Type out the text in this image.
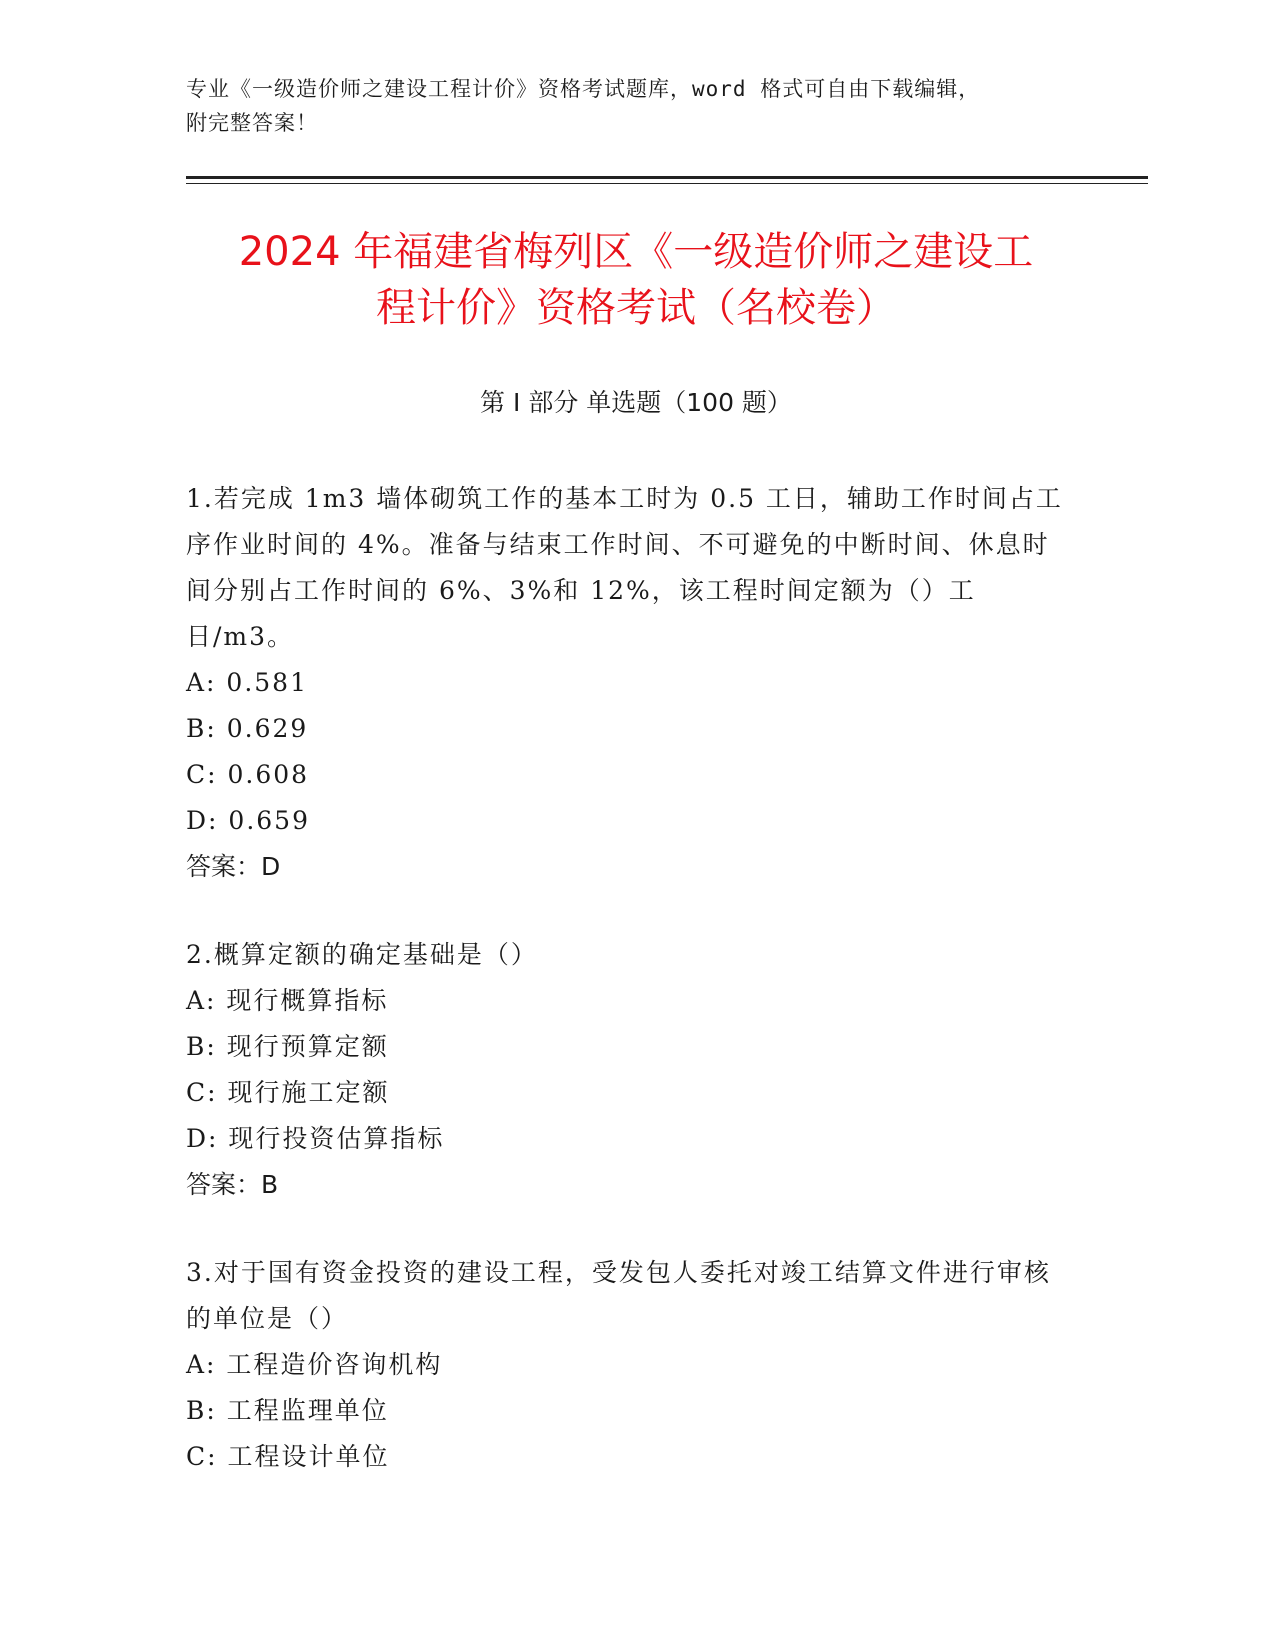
专业《一级造价师之建设工程计价》资格考试题库，word 格式可自由下载编辑，
附完整答案！
2024 年福建省梅列区《一级造价师之建设工
程计价》资格考试（名校卷）
第 I 部分 单选题（100 题）
1.若完成 1m3 墙体砌筑工作的基本工时为 0.5 工日，辅助工作时间占工序作业时间的 4%。准备与结束工作时间、不可避免的中断时间、休息时间分别占工作时间的 6%、3%和 12%，该工程时间定额为（）工日/m3。
A: 0.581
B: 0.629
C: 0.608
D: 0.659
答案：D
2.概算定额的确定基础是（）
A: 现行概算指标
B: 现行预算定额
C: 现行施工定额
D: 现行投资估算指标
答案：B
3.对于国有资金投资的建设工程，受发包人委托对竣工结算文件进行审核的单位是（）
A: 工程造价咨询机构
B: 工程监理单位
C: 工程设计单位
